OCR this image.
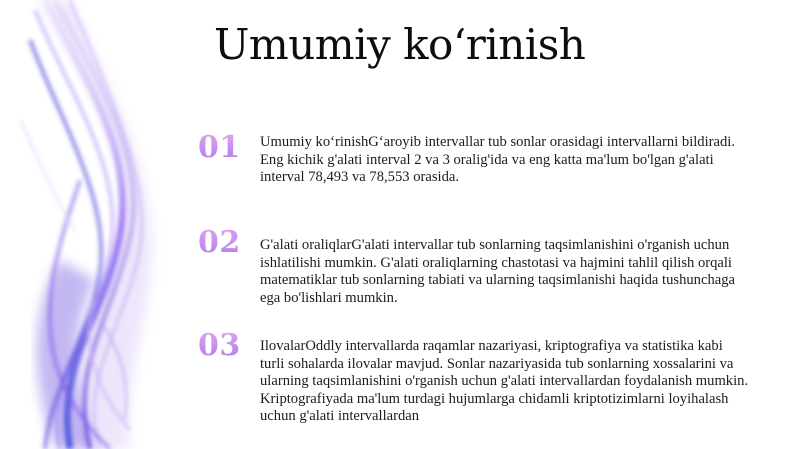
Umumiy ko‘rinish
01 Umumiy ko‘rinishG‘aroyib intervallar tub sonlar orasidagi intervallarni bildiradi. Eng kichik g'alati interval 2 va 3 oralig'ida va eng katta ma'lum bo'lgan g'alati interval 78,493 va 78,553 orasida.
02 G'alati oraliqlarG'alati intervallar tub sonlarning taqsimlanishini o'rganish uchun ishlatilishi mumkin. G'alati oraliqlarning chastotasi va hajmini tahlil qilish orqali matematiklar tub sonlarning tabiati va ularning taqsimlanishi haqida tushunchaga ega bo'lishlari mumkin.
03 IlovalarOddly intervallarda raqamlar nazariyasi, kriptografiya va statistika kabi turli sohalarda ilovalar mavjud. Sonlar nazariyasida tub sonlarning xossalarini va ularning taqsimlanishini o'rganish uchun g'alati intervallardan foydalanish mumkin. Kriptografiyada ma'lum turdagi hujumlarga chidamli kriptotizimlarni loyihalash uchun g'alati intervallardan
